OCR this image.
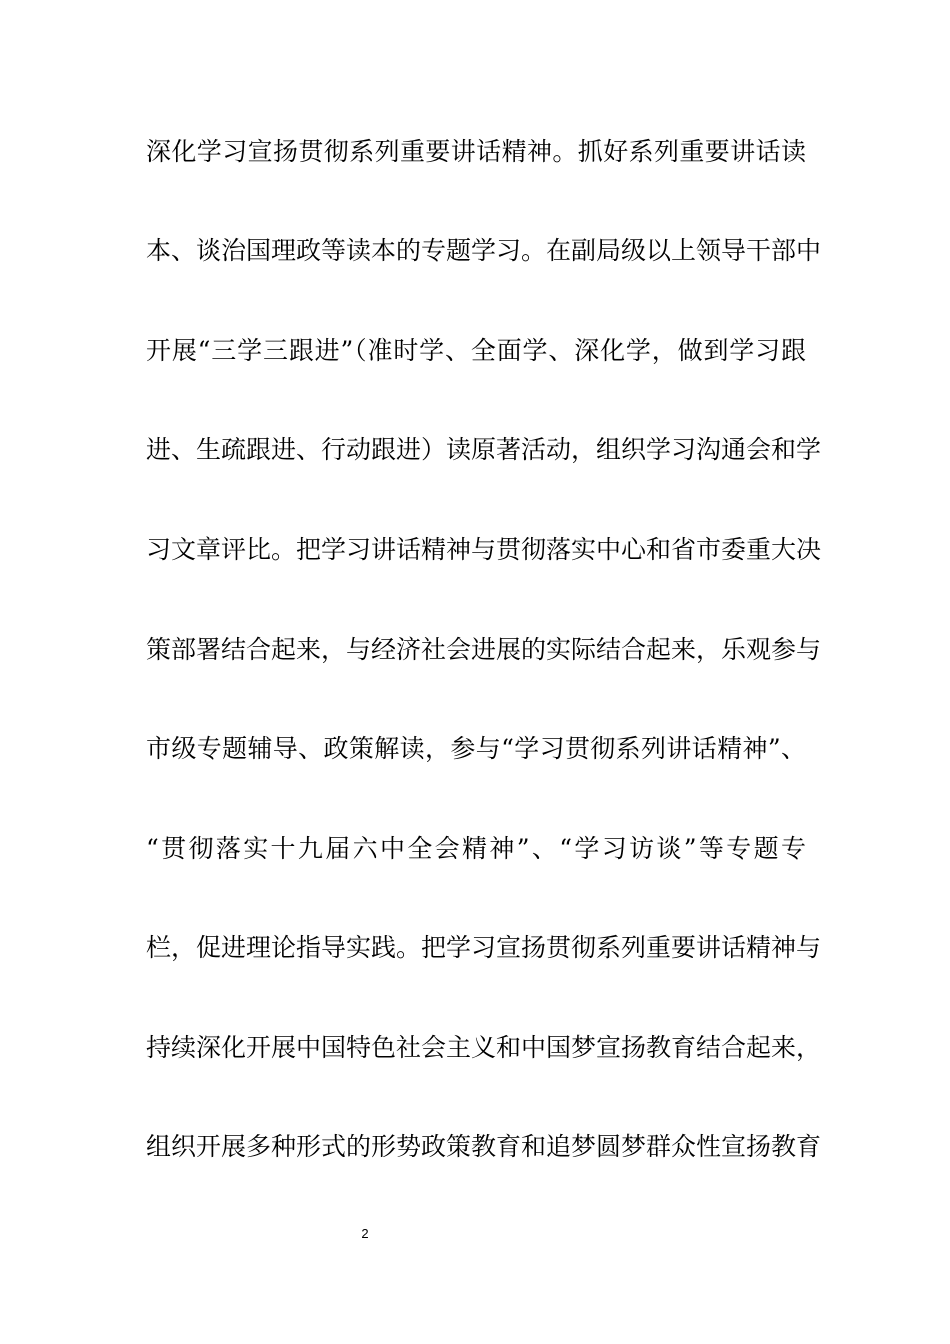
深化学习宣扬贯彻系列重要讲话精神。抓好系列重要讲话读
本、谈治国理政等读本的专题学习。在副局级以上领导干部中
开展“三学三跟进”（准时学、全面学、深化学，做到学习跟
进、生疏跟进、行动跟进）读原著活动，组织学习沟通会和学
习文章评比。把学习讲话精神与贯彻落实中心和省市委重大决
策部署结合起来，与经济社会进展的实际结合起来，乐观参与
市级专题辅导、政策解读，参与“学习贯彻系列讲话精神”、
“贯彻落实十九届六中全会精神”、“学习访谈”等专题专
栏，促进理论指导实践。把学习宣扬贯彻系列重要讲话精神与
持续深化开展中国特色社会主义和中国梦宣扬教育结合起来，
组织开展多种形式的形势政策教育和追梦圆梦群众性宣扬教育
2
